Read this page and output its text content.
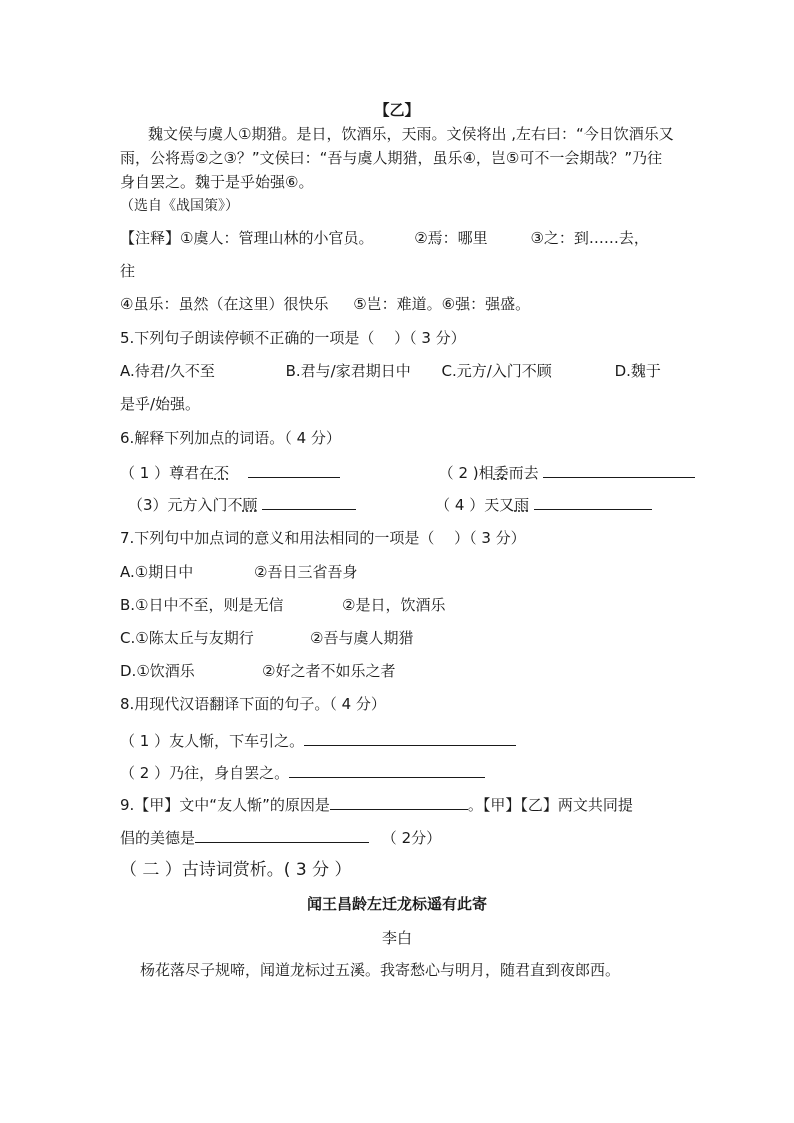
【乙】
魏文侯与虞人①期猎。是日，饮酒乐，天雨。文侯将出 ,左右曰：“今日饮酒乐又
雨，公将焉②之③？”文侯曰：“吾与虞人期猎，虽乐④，岂⑤可不一会期哉？”乃往
身自罢之。魏于是乎始强⑥。
（选自《战国策》）
【注释】①虞人：管理山林的小官员。	②焉：哪里	③之：到……去，
往
④虽乐：虽然（在这里）很快乐 ⑤岂：难道。⑥强：强盛。
5.下列句子朗读停顿不正确的一项是（　 ）（ 3 分）
A.待君/久不至	B.君与/家君期日中 C.元方/入门不顾	D.魏于
是乎/始强。
6.解释下列加点的词语。（ 4 分）
（ 1 ）尊君在不	（ 2 )相委而去
（3）元方入门不顾	（ 4 ）天又雨
7.下列句中加点词的意义和用法相同的一项是（　 ）（ 3 分）
A.①期日中	②吾日三省吾身
B.①日中不至，则是无信	②是日，饮酒乐
C.①陈太丘与友期行	②吾与虞人期猎
D.①饮酒乐	②好之者不如乐之者
8.用现代汉语翻译下面的句子。（ 4 分）
（ 1 ）友人惭，下车引之。
（ 2 ）乃往，身自罢之。
9.【甲】文中“友人惭”的原因是	。【甲】【乙】两文共同提
倡的美德是	（ 2分）
（ 二 ）古诗词赏析。( 3 分 ）
闻王昌龄左迁龙标遥有此寄
李白
杨花落尽子规啼，闻道龙标过五溪。我寄愁心与明月，随君直到夜郎西。
